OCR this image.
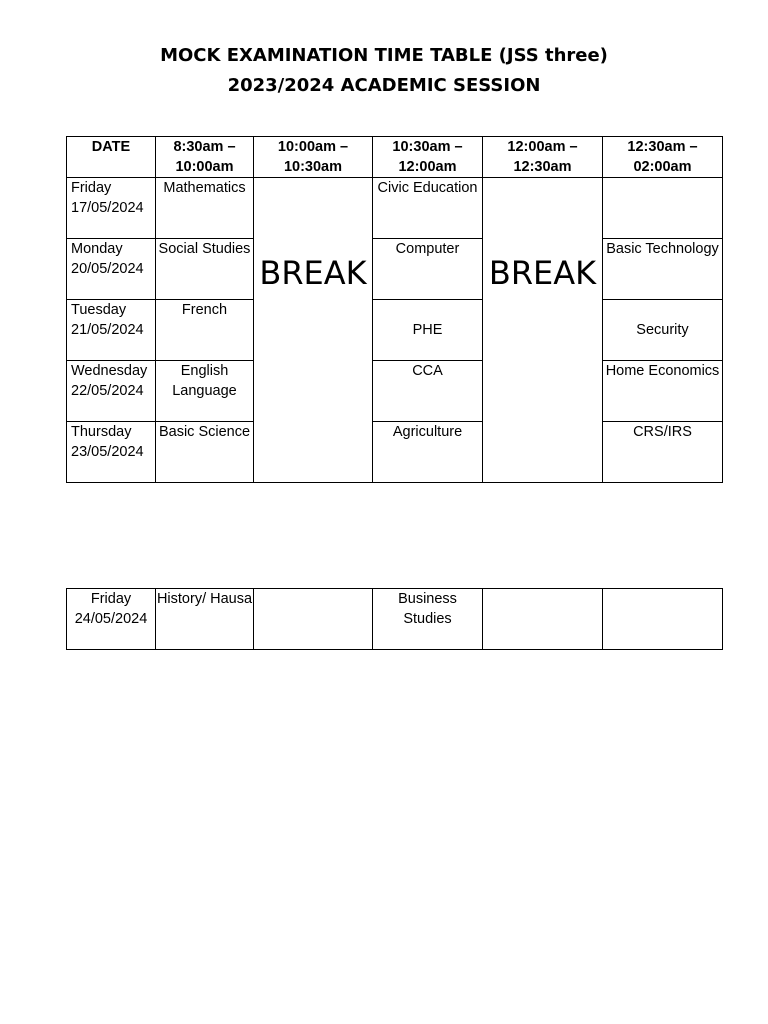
MOCK EXAMINATION TIME TABLE (JSS three)
2023/2024 ACADEMIC SESSION
DATE	8:30am – 10:00am	10:00am – 10:30am	10:30am – 12:00am	12:00am – 12:30am	12:30am – 02:00am
Friday 17/05/2024	Mathematics	BREAK	Civic Education	BREAK	
Monday 20/05/2024	Social Studies		Computer		Basic Technology
Tuesday 21/05/2024	French		PHE		Security
Wednesday 22/05/2024	English Language		CCA		Home Economics
Thursday 23/05/2024	Basic Science		Agriculture		CRS/IRS
Friday 24/05/2024	History/ Hausa		Business Studies		
